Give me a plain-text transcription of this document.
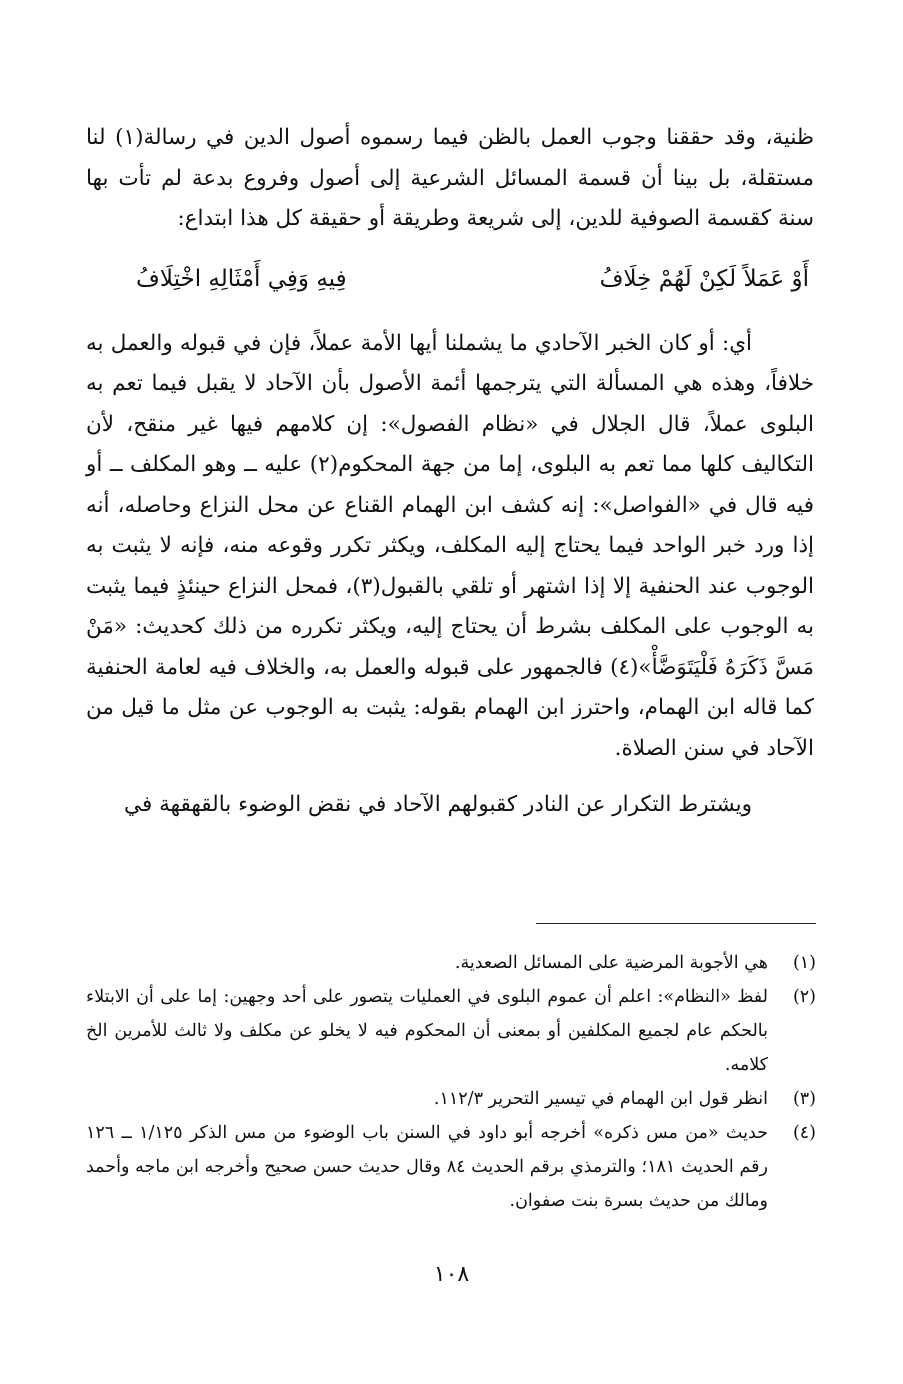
ظنية، وقد حققنا وجوب العمل بالظن فيما رسموه أصول الدين في رسالة(١) لنا مستقلة، بل بينا أن قسمة المسائل الشرعية إلى أصول وفروع بدعة لم تأت بها سنة كقسمة الصوفية للدين، إلى شريعة وطريقة أو حقيقة كل هذا ابتداع:

أَوْ عَمَلاً لَكِنْ لَهُمْ خِلَافُ
فِيهِ وَفِي أَمْثَالِهِ اخْتِلَافُ

أي: أو كان الخبر الآحادي ما يشملنا أيها الأمة عملاً، فإن في قبوله والعمل به خلافاً، وهذه هي المسألة التي يترجمها أئمة الأصول بأن الآحاد لا يقبل فيما تعم به البلوى عملاً، قال الجلال في «نظام الفصول»: إن كلامهم فيها غير منقح، لأن التكاليف كلها مما تعم به البلوى، إما من جهة المحكوم(٢) عليه ــ وهو المكلف ــ أو فيه قال في «الفواصل»: إنه كشف ابن الهمام القناع عن محل النزاع وحاصله، أنه إذا ورد خبر الواحد فيما يحتاج إليه المكلف، ويكثر تكرر وقوعه منه، فإنه لا يثبت به الوجوب عند الحنفية إلا إذا اشتهر أو تلقي بالقبول(٣)، فمحل النزاع حينئذٍ فيما يثبت به الوجوب على المكلف بشرط أن يحتاج إليه، ويكثر تكرره من ذلك كحديث: «مَنْ مَسَّ ذَكَرَهُ فَلْيَتَوَضَّأْ»(٤) فالجمهور على قبوله والعمل به، والخلاف فيه لعامة الحنفية كما قاله ابن الهمام، واحترز ابن الهمام بقوله: يثبت به الوجوب عن مثل ما قيل من الآحاد في سنن الصلاة.

ويشترط التكرار عن النادر كقبولهم الآحاد في نقض الوضوء بالقهقهة في

(١)
هي الأجوبة المرضية على المسائل الصعدية.
(٢)
لفظ «النظام»: اعلم أن عموم البلوى في العمليات يتصور على أحد وجهين: إما على أن الابتلاء بالحكم عام لجميع المكلفين أو بمعنى أن المحكوم فيه لا يخلو عن مكلف ولا ثالث للأمرين الخ كلامه.
(٣)
انظر قول ابن الهمام في تيسير التحرير ١١٢/٣.
(٤)
حديث «من مس ذكره» أخرجه أبو داود في السنن باب الوضوء من مس الذكر ١/١٢٥ ــ ١٢٦ رقم الحديث ١٨١؛ والترمذي برقم الحديث ٨٤ وقال حديث حسن صحيح وأخرجه ابن ماجه وأحمد ومالك من حديث بسرة بنت صفوان.
١٠٨
